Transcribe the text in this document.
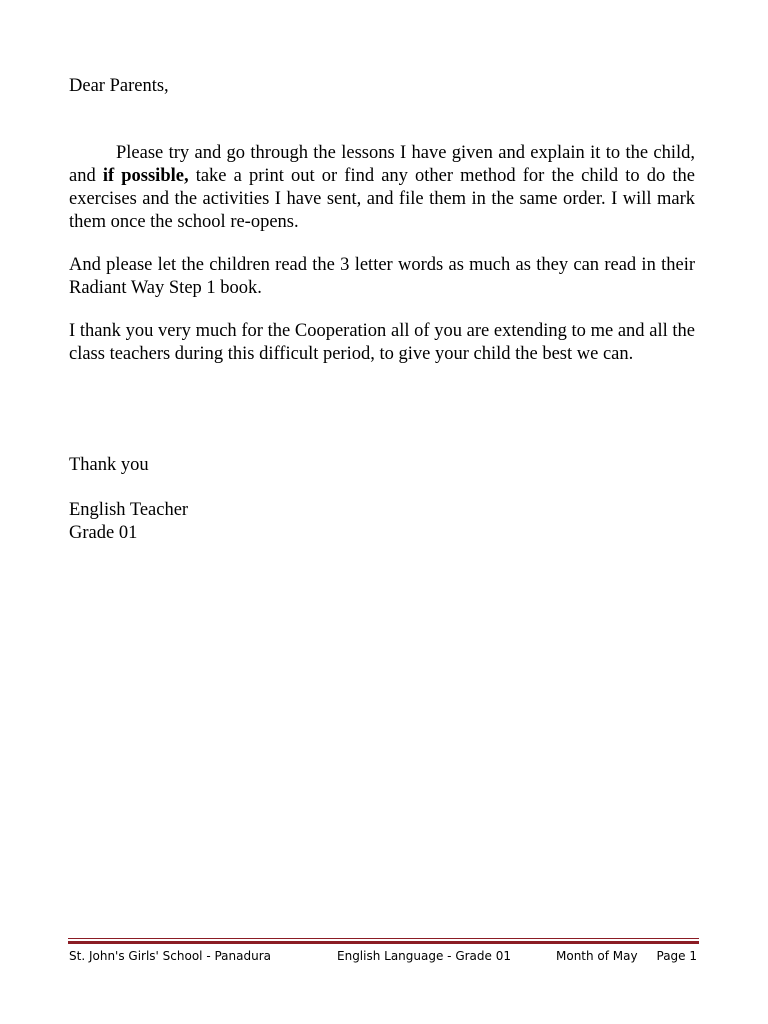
Dear Parents,

Please try and go through the lessons I have given and explain it to the child, and if possible, take a print out or find any other method for the child to do the exercises and the activities I have sent, and file them in the same order. I will mark them once the school re-opens.

And please let the children read the 3 letter words as much as they can read in their Radiant Way Step 1 book.

I thank you very much for the Cooperation all of you are extending to me and all the class teachers during this difficult period, to give your child the best we can.

Thank you

English Teacher
Grade 01
St. John's Girls' School - Panadura	English Language - Grade 01	Month of May Page 1
